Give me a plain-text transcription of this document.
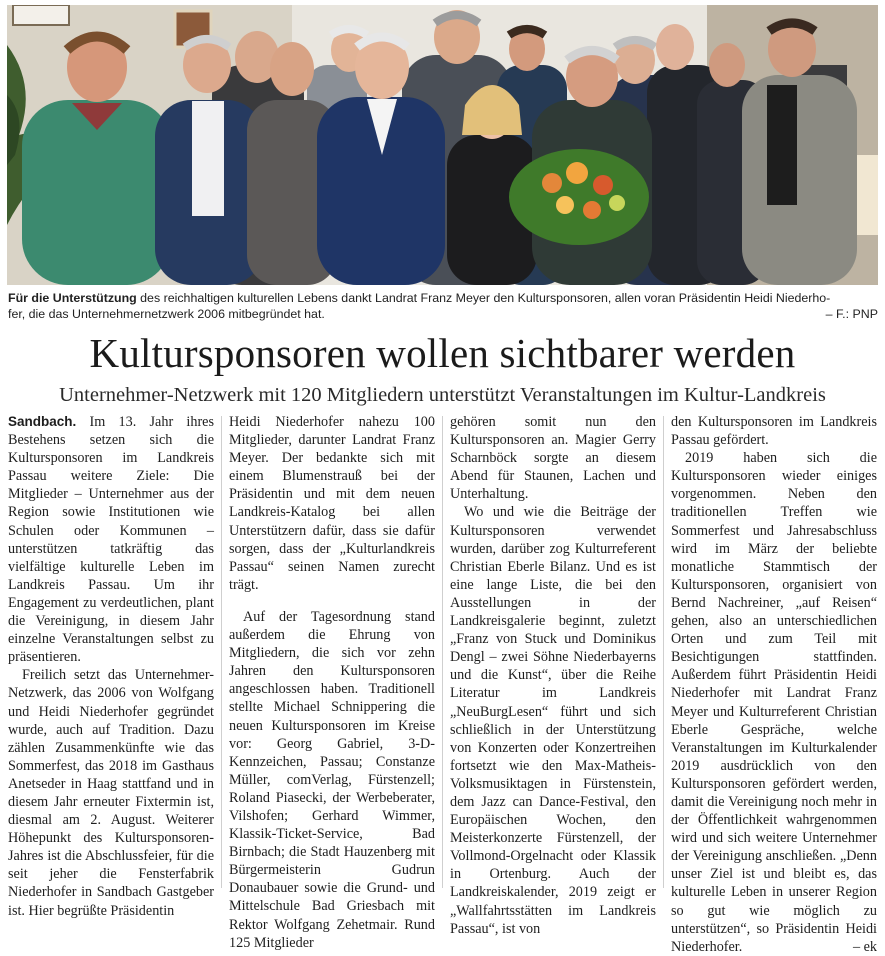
Für die Unterstützung des reichhaltigen kulturellen Lebens dankt Landrat Franz Meyer den Kultursponsoren, allen voran Präsidentin Heidi Niederho-
fer, die das Unternehmernetzwerk 2006 mitbegründet hat.	– F.: PNP
Kultursponsoren wollen sichtbarer werden
Unternehmer-Netzwerk mit 120 Mitgliedern unterstützt Veranstaltungen im Kultur-Landkreis

Sandbach. Im 13. Jahr ihres Bestehens setzen sich die Kultursponsoren im Landkreis Passau weitere Ziele: Die Mitglieder – Unternehmer aus der Region sowie Institutionen wie Schulen oder Kommunen – unterstützen tatkräftig das vielfältige kulturelle Leben im Landkreis Passau. Um ihr Engagement zu verdeutlichen, plant die Vereinigung, in diesem Jahr einzelne Veranstaltungen selbst zu präsentieren.

Freilich setzt das Unternehmer-Netzwerk, das 2006 von Wolfgang und Heidi Niederhofer gegründet wurde, auch auf Tradition. Dazu zählen Zusammenkünfte wie das Sommerfest, das 2018 im Gasthaus Anetseder in Haag stattfand und in diesem Jahr erneuter Fixtermin ist, diesmal am 2. August. Weiterer Höhepunkt des Kultursponsoren-Jahres ist die Abschlussfeier, für die seit jeher die Fensterfabrik Niederhofer in Sandbach Gastgeber ist. Hier begrüßte Präsidentin

Heidi Niederhofer nahezu 100 Mitglieder, darunter Landrat Franz Meyer. Der bedankte sich mit einem Blumenstrauß bei der Präsidentin und mit dem neuen Landkreis-Katalog bei allen Unterstützern dafür, dass sie dafür sorgen, dass der „Kulturlandkreis Passau“ seinen Namen zurecht trägt.

Auf der Tagesordnung stand außerdem die Ehrung von Mitgliedern, die sich vor zehn Jahren den Kultursponsoren angeschlossen haben. Traditionell stellte Michael Schnippering die neuen Kultursponsoren im Kreise vor: Georg Gabriel, 3-D-Kennzeichen, Passau; Constanze Müller, comVerlag, Fürstenzell; Roland Piasecki, der Werbeberater, Vilshofen; Gerhard Wimmer, Klassik-Ticket-Service, Bad Birnbach; die Stadt Hauzenberg mit Bürgermeisterin Gudrun Donaubauer sowie die Grund- und Mittelschule Bad Griesbach mit Rektor Wolfgang Zehetmair. Rund 125 Mitglieder

gehören somit nun den Kultursponsoren an. Magier Gerry Scharnböck sorgte an diesem Abend für Staunen, Lachen und Unterhaltung.

Wo und wie die Beiträge der Kultursponsoren verwendet wurden, darüber zog Kulturreferent Christian Eberle Bilanz. Und es ist eine lange Liste, die bei den Ausstellungen in der Landkreisgalerie beginnt, zuletzt „Franz von Stuck und Dominikus Dengl – zwei Söhne Niederbayerns und die Kunst“, über die Reihe Literatur im Landkreis „NeuBurgLesen“ führt und sich schließlich in der Unterstützung von Konzerten oder Konzertreihen fortsetzt wie den Max-Matheis-Volksmusiktagen in Fürstenstein, dem Jazz can Dance-Festival, den Europäischen Wochen, den Meisterkonzerte Fürstenzell, der Vollmond-Orgelnacht oder Klassik in Ortenburg. Auch der Landkreiskalender, 2019 zeigt er „Wallfahrtsstätten im Landkreis Passau“, ist von

den Kultursponsoren im Landkreis Passau gefördert.

2019 haben sich die Kultursponsoren wieder einiges vorgenommen. Neben den traditionellen Treffen wie Sommerfest und Jahresabschluss wird im März der beliebte monatliche Stammtisch der Kultursponsoren, organisiert von Bernd Nachreiner, „auf Reisen“ gehen, also an unterschiedlichen Orten und zum Teil mit Besichtigungen stattfinden. Außerdem führt Präsidentin Heidi Niederhofer mit Landrat Franz Meyer und Kulturreferent Christian Eberle Gespräche, welche Veranstaltungen im Kulturkalender 2019 ausdrücklich von den Kultursponsoren gefördert werden, damit die Vereinigung noch mehr in der Öffentlichkeit wahrgenommen wird und sich weitere Unternehmer der Vereinigung anschließen. „Denn unser Ziel ist und bleibt es, das kulturelle Leben in unserer Region so gut wie möglich zu unterstützen“, so Präsidentin Heidi Niederhofer.	– ek
